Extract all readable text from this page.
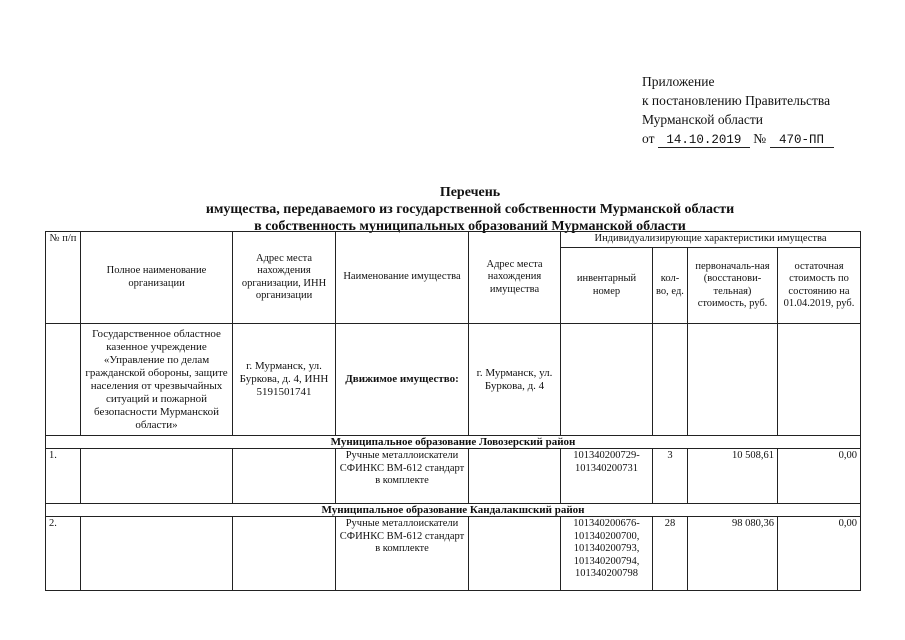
Приложение
к постановлению Правительства
Мурманской области
от 14.10.2019 № 470-ПП
Перечень
имущества, передаваемого из государственной собственности Мурманской области
в собственность муниципальных образований Мурманской области
№ п/п	Полное наименование организации	Адрес места нахождения организации, ИНН организации	Наименование имущества	Адрес места нахождения имущества	Индивидуализирующие характеристики имущества			
					инвентарный номер	кол-во, ед.	первоначаль-ная (восстанови-тельная) стоимость, руб.	остаточная стоимость по состоянию на 01.04.2019, руб.
	Государственное областное казенное учреждение «Управление по делам гражданской обороны, защите населения от чрезвычайных ситуаций и пожарной безопасности Мурманской области»	г. Мурманск, ул. Буркова, д. 4, ИНН 5191501741	Движимое имущество:	г. Мурманск, ул. Буркова, д. 4				
Муниципальное образование Ловозерский район								
1.			Ручные металлоискатели СФИНКС ВМ-612 стандарт в комплекте		101340200729-101340200731	3	10 508,61	0,00
Муниципальное образование Кандалакшский район								
2.			Ручные металлоискатели СФИНКС ВМ-612 стандарт в комплекте		101340200676-101340200700, 101340200793, 101340200794, 101340200798	28	98 080,36	0,00
